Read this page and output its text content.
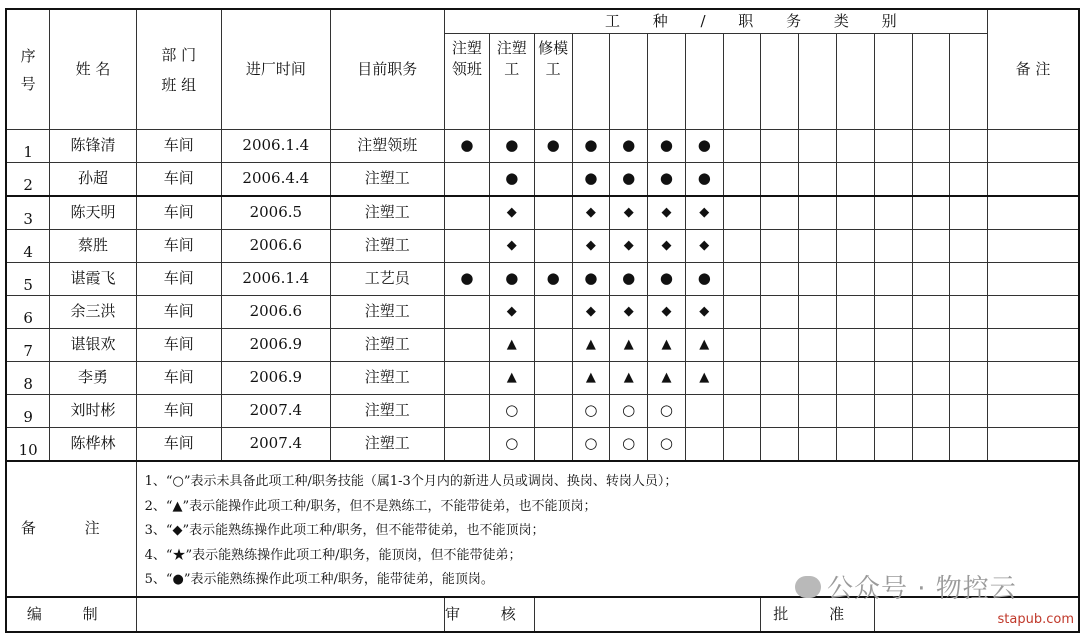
序号	姓 名	部 门
班 组	进厂时间	目前职务	工 种 / 职 务 类 别														备 注
					注塑领班	注塑工	修模工												
1	陈锋清	车间	2006.1.4	注塑领班	●	●	●	●	●	●	●								
2	孙超	车间	2006.4.4	注塑工		●		●	●	●	●								
3	陈天明	车间	2006.5	注塑工		◆		◆	◆	◆	◆								
4	蔡胜	车间	2006.6	注塑工		◆		◆	◆	◆	◆								
5	谌霞飞	车间	2006.1.4	工艺员	●	●	●	●	●	●	●								
6	余三洪	车间	2006.6	注塑工		◆		◆	◆	◆	◆								
7	谌银欢	车间	2006.9	注塑工		▲		▲	▲	▲	▲								
8	李勇	车间	2006.9	注塑工		▲		▲	▲	▲	▲								
9	刘时彬	车间	2007.4	注塑工		○		○	○	○									
10	陈桦林	车间	2007.4	注塑工		○		○	○	○									
备 注		1、“○”表示未具备此项工种/职务技能（属1-3个月内的新进人员或调岗、换岗、转岗人员）；
2、“▲”表示能操作此项工种/职务，但不是熟练工，不能带徒弟，也不能顶岗；
3、“◆”表示能熟练操作此项工种/职务，但不能带徒弟，也不能顶岗；
4、“★”表示能熟练操作此项工种/职务，能顶岗，但不能带徒弟；
5、“●”表示能熟练操作此项工种/职务，能带徒弟，能顶岗。																	

编 制					审 核								批 准						
公众号 · 物控云
stapub.com
